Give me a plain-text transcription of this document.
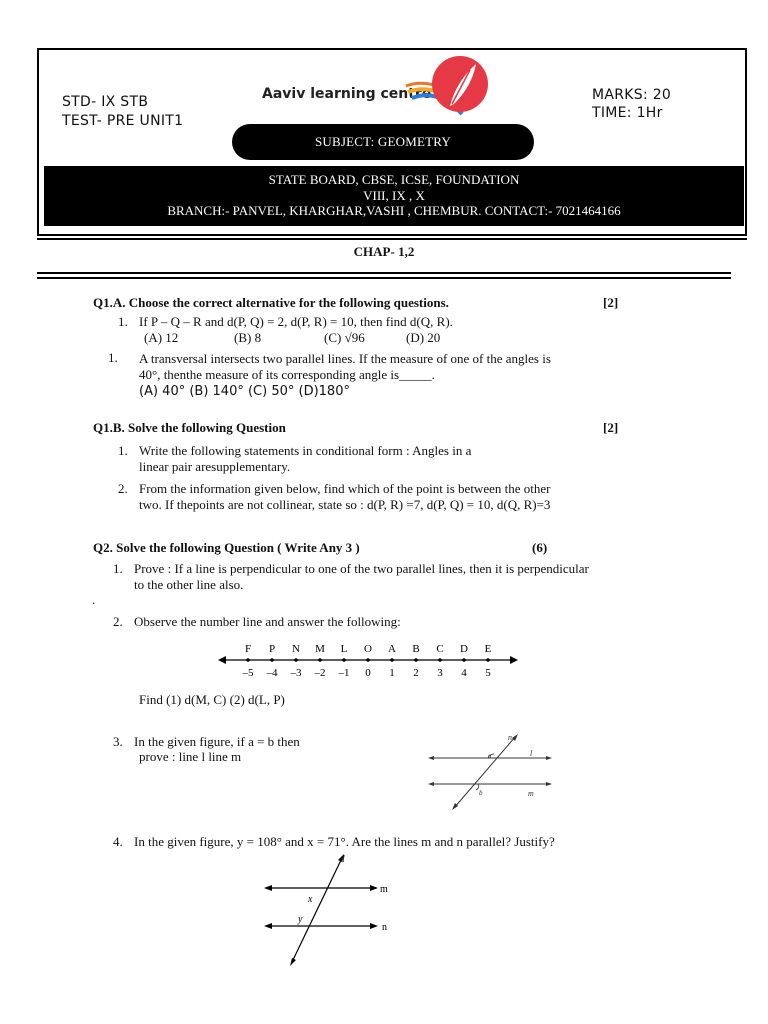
STD- IX STB
TEST- PRE UNIT1
Aaviv learning centre	MARKS: 20
TIME: 1Hr
SUBJECT: GEOMETRY
STATE BOARD, CBSE, ICSE, FOUNDATION
VIII, IX , X
BRANCH:- PANVEL, KHARGHAR,VASHI , CHEMBUR. CONTACT:- 7021464166
CHAP- 1,2
Q1.A. Choose the correct alternative for the following questions.	[2]
1. If P – Q – R and d(P, Q) = 2, d(P, R) = 10, then find d(Q, R).
(A) 12	(B) 8	(C) √96	(D) 20
1. A transversal intersects two parallel lines. If the measure of one of the angles is
40°, thenthe measure of its corresponding angle is_____.
(A) 40° (B) 140° (C) 50° (D)180°
Q1.B. Solve the following Question	[2]
1. Write the following statements in conditional form : Angles in a
linear pair aresupplementary.
2. From the information given below, find which of the point is between the other
two. If thepoints are not collinear, state so : d(P, R) =7, d(P, Q) = 10, d(Q, R)=3
Q2. Solve the following Question ( Write Any 3 )	(6)
1. Prove : If a line is perpendicular to one of the two parallel lines, then it is perpendicular
to the other line also.
.
2. Observe the number line and answer the following:
F
–5
P
–4
N
–3
M
–2
L
–1
O
0
A
1
B
2
C
3
D
4
E
5
Find (1) d(M, C) (2) d(L, P)
3. In the given figure, if a = b then
prove : line l line m
n
l
m
a
b
4. In the given figure, y = 108° and x = 71°. Are the lines m and n parallel? Justify?
l
m
n
x
y
